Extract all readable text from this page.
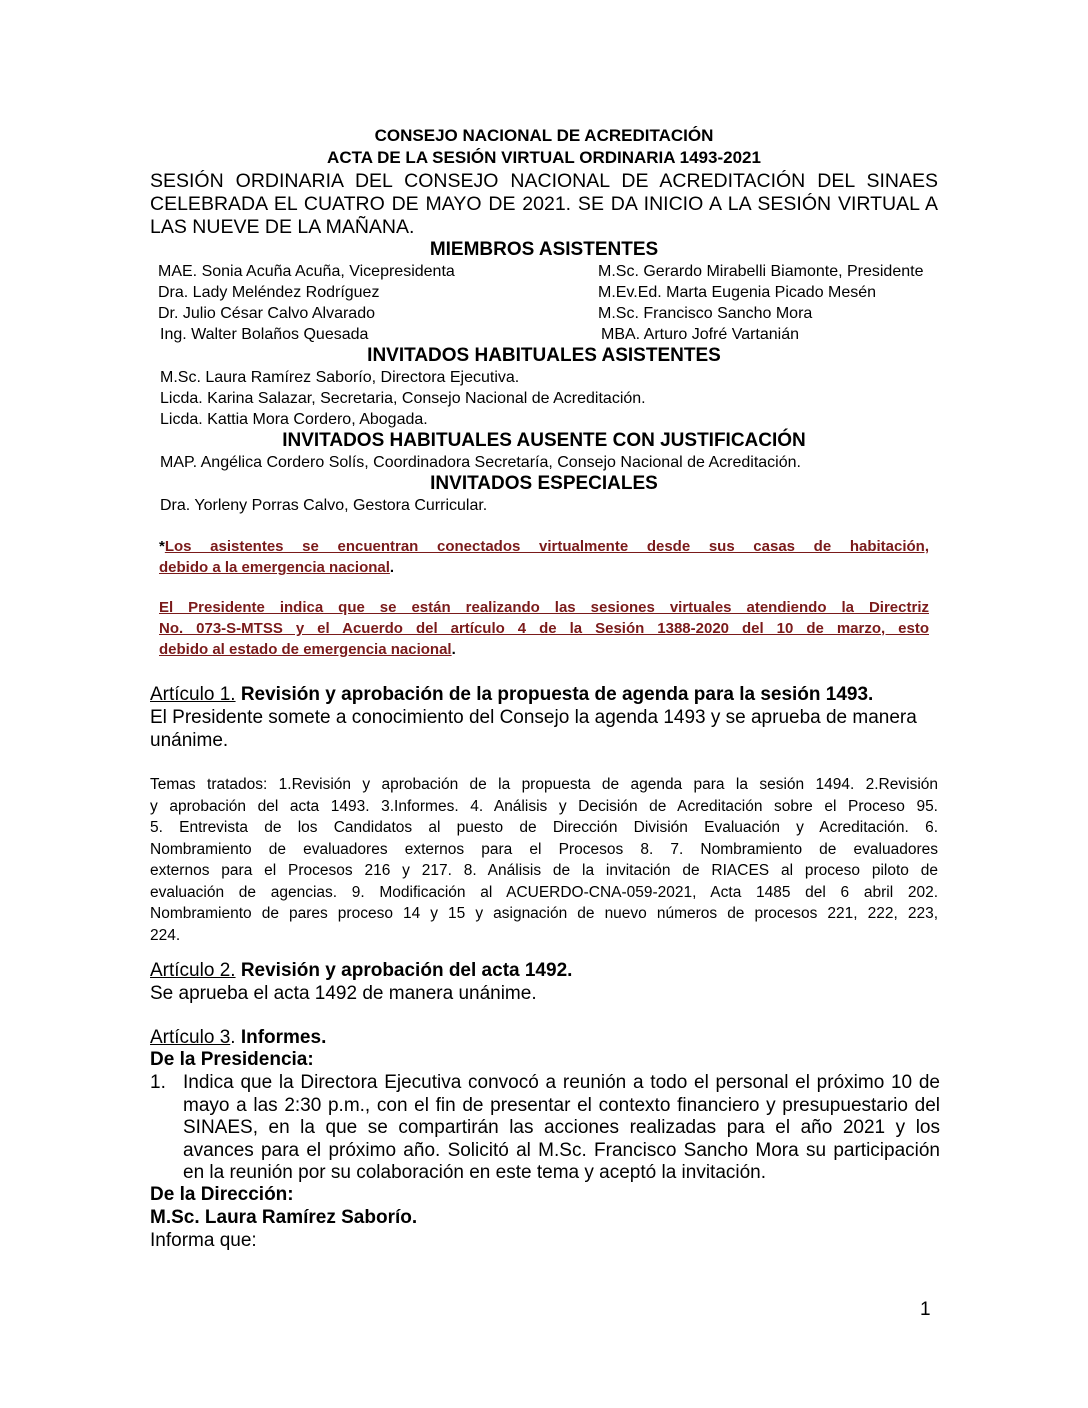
CONSEJO NACIONAL DE ACREDITACIÓN
ACTA DE LA SESIÓN VIRTUAL ORDINARIA 1493-2021
SESIÓN ORDINARIA DEL CONSEJO NACIONAL DE ACREDITACIÓN DEL SINAES
CELEBRADA EL CUATRO DE MAYO DE 2021. SE DA INICIO A LA SESIÓN VIRTUAL A
LAS NUEVE DE LA MAÑANA.
MIEMBROS ASISTENTES
MAE. Sonia Acuña Acuña, Vicepresidenta
Dra. Lady Meléndez Rodríguez
Dr. Julio César Calvo Alvarado
Ing. Walter Bolaños Quesada
M.Sc. Gerardo Mirabelli Biamonte, Presidente
M.Ev.Ed. Marta Eugenia Picado Mesén
M.Sc. Francisco Sancho Mora
MBA. Arturo Jofré Vartanián
INVITADOS HABITUALES ASISTENTES
M.Sc. Laura Ramírez Saborío, Directora Ejecutiva.
Licda. Karina Salazar, Secretaria, Consejo Nacional de Acreditación.
Licda. Kattia Mora Cordero, Abogada.
INVITADOS HABITUALES AUSENTE CON JUSTIFICACIÓN
MAP. Angélica Cordero Solís, Coordinadora Secretaría, Consejo Nacional de Acreditación.
INVITADOS ESPECIALES
Dra. Yorleny Porras Calvo, Gestora Curricular.
*Los asistentes se encuentran conectados virtualmente desde sus casas de habitación,
debido a la emergencia nacional.
El Presidente indica que se están realizando las sesiones virtuales atendiendo la Directriz
No. 073-S-MTSS y el Acuerdo del artículo 4 de la Sesión 1388-2020 del 10 de marzo, esto
debido al estado de emergencia nacional.
Artículo 1. Revisión y aprobación de la propuesta de agenda para la sesión 1493.
El Presidente somete a conocimiento del Consejo la agenda 1493 y se aprueba de manera
unánime.
Temas tratados: 1.Revisión y aprobación de la propuesta de agenda para la sesión 1494. 2.Revisión
y aprobación del acta 1493. 3.Informes. 4. Análisis y Decisión de Acreditación sobre el Proceso 95.
5. Entrevista de los Candidatos al puesto de Dirección División Evaluación y Acreditación. 6.
Nombramiento de evaluadores externos para el Procesos 8. 7. Nombramiento de evaluadores
externos para el Procesos 216 y 217. 8. Análisis de la invitación de RIACES al proceso piloto de
evaluación de agencias. 9. Modificación al ACUERDO-CNA-059-2021, Acta 1485 del 6 abril 202.
Nombramiento de pares proceso 14 y 15 y asignación de nuevo números de procesos 221, 222, 223,
224.
Artículo 2. Revisión y aprobación del acta 1492.
Se aprueba el acta 1492 de manera unánime.
Artículo 3. Informes.
De la Presidencia:
1. Indica que la Directora Ejecutiva convocó a reunión a todo el personal el próximo 10 de
mayo a las 2:30 p.m., con el fin de presentar el contexto financiero y presupuestario del
SINAES, en la que se compartirán las acciones realizadas para el año 2021 y los
avances para el próximo año. Solicitó al M.Sc. Francisco Sancho Mora su participación
en la reunión por su colaboración en este tema y aceptó la invitación.
De la Dirección:
M.Sc. Laura Ramírez Saborío.
Informa que:
1
